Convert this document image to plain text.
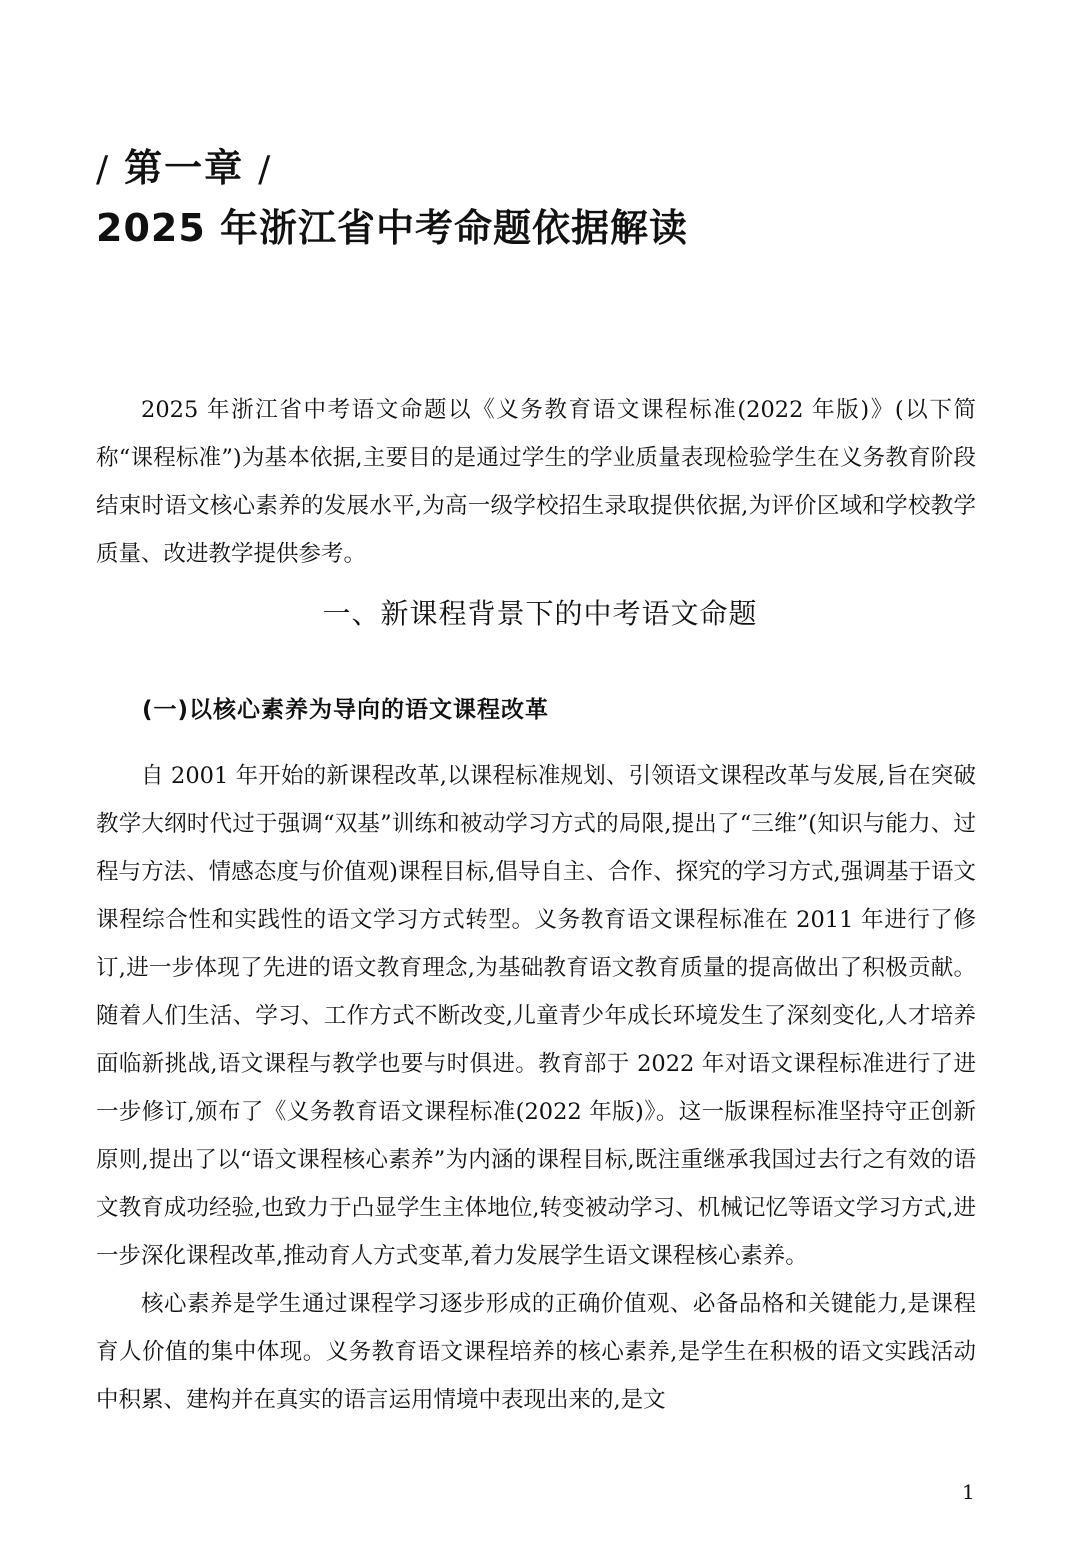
/ 第一章 /
2025 年浙江省中考命题依据解读

2025 年浙江省中考语文命题以《义务教育语文课程标准(2022 年版)》(以下简称“课程标准”)为基本依据,主要目的是通过学生的学业质量表现检验学生在义务教育阶段结束时语文核心素养的发展水平,为高一级学校招生录取提供依据,为评价区域和学校教学质量、改进教学提供参考。

一、新课程背景下的中考语文命题
(一)以核心素养为导向的语文课程改革

自 2001 年开始的新课程改革,以课程标准规划、引领语文课程改革与发展,旨在突破教学大纲时代过于强调“双基”训练和被动学习方式的局限,提出了“三维”(知识与能力、过程与方法、情感态度与价值观)课程目标,倡导自主、合作、探究的学习方式,强调基于语文课程综合性和实践性的语文学习方式转型。义务教育语文课程标准在 2011 年进行了修订,进一步体现了先进的语文教育理念,为基础教育语文教育质量的提高做出了积极贡献。随着人们生活、学习、工作方式不断改变,儿童青少年成长环境发生了深刻变化,人才培养面临新挑战,语文课程与教学也要与时俱进。教育部于 2022 年对语文课程标准进行了进一步修订,颁布了《义务教育语文课程标准(2022 年版)》。这一版课程标准坚持守正创新原则,提出了以“语文课程核心素养”为内涵的课程目标,既注重继承我国过去行之有效的语文教育成功经验,也致力于凸显学生主体地位,转变被动学习、机械记忆等语文学习方式,进一步深化课程改革,推动育人方式变革,着力发展学生语文课程核心素养。

核心素养是学生通过课程学习逐步形成的正确价值观、必备品格和关键能力,是课程育人价值的集中体现。义务教育语文课程培养的核心素养,是学生在积极的语文实践活动中积累、建构并在真实的语言运用情境中表现出来的,是文

1
